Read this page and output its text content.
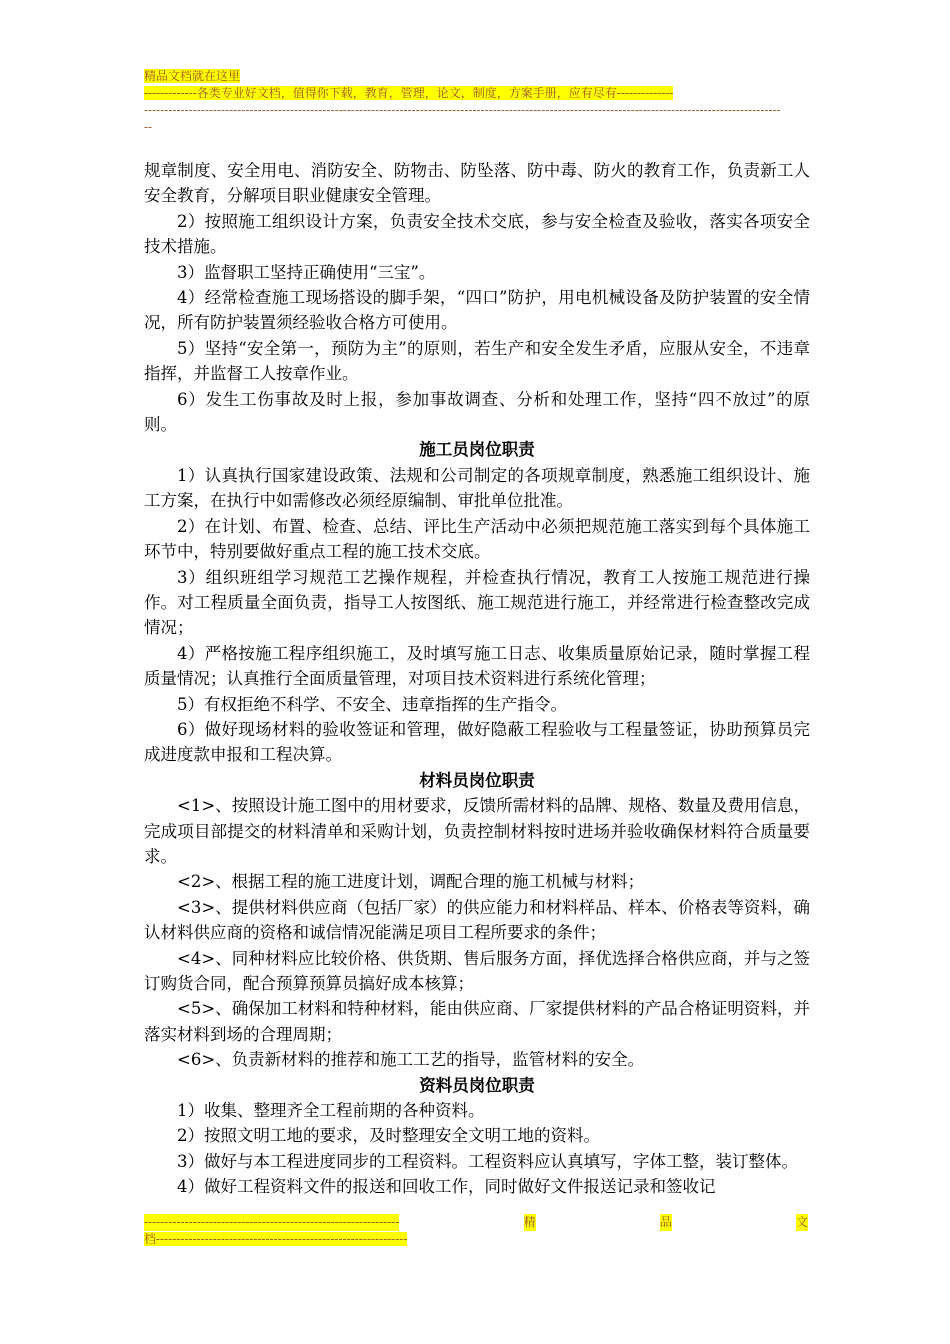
精品文档就在这里
-------------各类专业好文档，值得你下载，教育，管理，论文，制度，方案手册，应有尽有--------------
-------------------------------------------------------------------------------------------------------------------------------------------------------------
--

规章制度、安全用电、消防安全、防物击、防坠落、防中毒、防火的教育工作，负责新工人安全教育，分解项目职业健康安全管理。

2）按照施工组织设计方案，负责安全技术交底，参与安全检查及验收，落实各项安全技术措施。

3）监督职工坚持正确使用“三宝”。

4）经常检查施工现场搭设的脚手架，“四口”防护，用电机械设备及防护装置的安全情况，所有防护装置须经验收合格方可使用。

5）坚持“安全第一，预防为主”的原则，若生产和安全发生矛盾，应服从安全，不违章指挥，并监督工人按章作业。

6）发生工伤事故及时上报，参加事故调查、分析和处理工作，坚持“四不放过”的原则。

施工员岗位职责

1）认真执行国家建设政策、法规和公司制定的各项规章制度，熟悉施工组织设计、施工方案，在执行中如需修改必须经原编制、审批单位批准。

2）在计划、布置、检查、总结、评比生产活动中必须把规范施工落实到每个具体施工环节中，特别要做好重点工程的施工技术交底。

3）组织班组学习规范工艺操作规程，并检查执行情况，教育工人按施工规范进行操作。对工程质量全面负责，指导工人按图纸、施工规范进行施工，并经常进行检查整改完成情况；

4）严格按施工程序组织施工，及时填写施工日志、收集质量原始记录，随时掌握工程质量情况；认真推行全面质量管理，对项目技术资料进行系统化管理；

5）有权拒绝不科学、不安全、违章指挥的生产指令。

6）做好现场材料的验收签证和管理，做好隐蔽工程验收与工程量签证，协助预算员完成进度款申报和工程决算。

材料员岗位职责

<1>、按照设计施工图中的用材要求，反馈所需材料的品牌、规格、数量及费用信息，完成项目部提交的材料清单和采购计划，负责控制材料按时进场并验收确保材料符合质量要求。

<2>、根据工程的施工进度计划，调配合理的施工机械与材料；

<3>、提供材料供应商（包括厂家）的供应能力和材料样品、样本、价格表等资料，确认材料供应商的资格和诚信情况能满足项目工程所要求的条件；

<4>、同种材料应比较价格、供货期、售后服务方面，择优选择合格供应商，并与之签订购货合同，配合预算预算员搞好成本核算；

<5>、确保加工材料和特种材料，能由供应商、厂家提供材料的产品合格证明资料，并落实材料到场的合理周期；

<6>、负责新材料的推荐和施工工艺的指导，监管材料的安全。

资料员岗位职责

1）收集、整理齐全工程前期的各种资料。

2）按照文明工地的要求，及时整理安全文明工地的资料。

3）做好与本工程进度同步的工程资料。工程资料应认真填写，字体工整，装订整体。

4）做好工程资料文件的报送和回收工作，同时做好文件报送记录和签收记

---------------------------------------------------------------	精	品	文
档--------------------------------------------------------------
